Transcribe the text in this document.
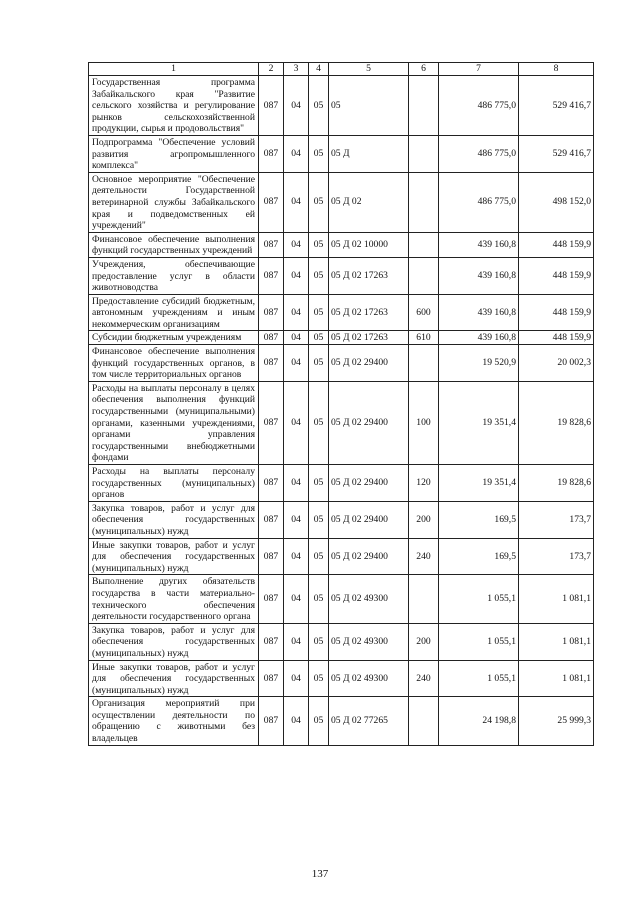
1	2	3	4	5	6	7	8
Государственная программа Забайкальского края "Развитие сельского хозяйства и регулирование рынков сельскохозяйственной продукции, сырья и продовольствия"	087	04	05	05		486 775,0	529 416,7
Подпрограмма "Обеспечение условий развития агропромышленного комплекса"	087	04	05	05 Д		486 775,0	529 416,7
Основное мероприятие "Обеспечение деятельности Государственной ветеринарной службы Забайкальского края и подведомственных ей учреждений"	087	04	05	05 Д 02		486 775,0	498 152,0
Финансовое обеспечение выполнения функций государственных учреждений	087	04	05	05 Д 02 10000		439 160,8	448 159,9
Учреждения, обеспечивающие предоставление услуг в области животноводства	087	04	05	05 Д 02 17263		439 160,8	448 159,9
Предоставление субсидий бюджетным, автономным учреждениям и иным некоммерческим организациям	087	04	05	05 Д 02 17263	600	439 160,8	448 159,9
Субсидии бюджетным учреждениям	087	04	05	05 Д 02 17263	610	439 160,8	448 159,9
Финансовое обеспечение выполнения функций государственных органов, в том числе территориальных органов	087	04	05	05 Д 02 29400		19 520,9	20 002,3
Расходы на выплаты персоналу в целях обеспечения выполнения функций государственными (муниципальными) органами, казенными учреждениями, органами управления государственными внебюджетными фондами	087	04	05	05 Д 02 29400	100	19 351,4	19 828,6
Расходы на выплаты персоналу государственных (муниципальных) органов	087	04	05	05 Д 02 29400	120	19 351,4	19 828,6
Закупка товаров, работ и услуг для обеспечения государственных (муниципальных) нужд	087	04	05	05 Д 02 29400	200	169,5	173,7
Иные закупки товаров, работ и услуг для обеспечения государственных (муниципальных) нужд	087	04	05	05 Д 02 29400	240	169,5	173,7
Выполнение других обязательств государства в части материально-технического обеспечения деятельности государственного органа	087	04	05	05 Д 02 49300		1 055,1	1 081,1
Закупка товаров, работ и услуг для обеспечения государственных (муниципальных) нужд	087	04	05	05 Д 02 49300	200	1 055,1	1 081,1
Иные закупки товаров, работ и услуг для обеспечения государственных (муниципальных) нужд	087	04	05	05 Д 02 49300	240	1 055,1	1 081,1
Организация мероприятий при осуществлении деятельности по обращению с животными без владельцев	087	04	05	05 Д 02 77265		24 198,8	25 999,3
137
